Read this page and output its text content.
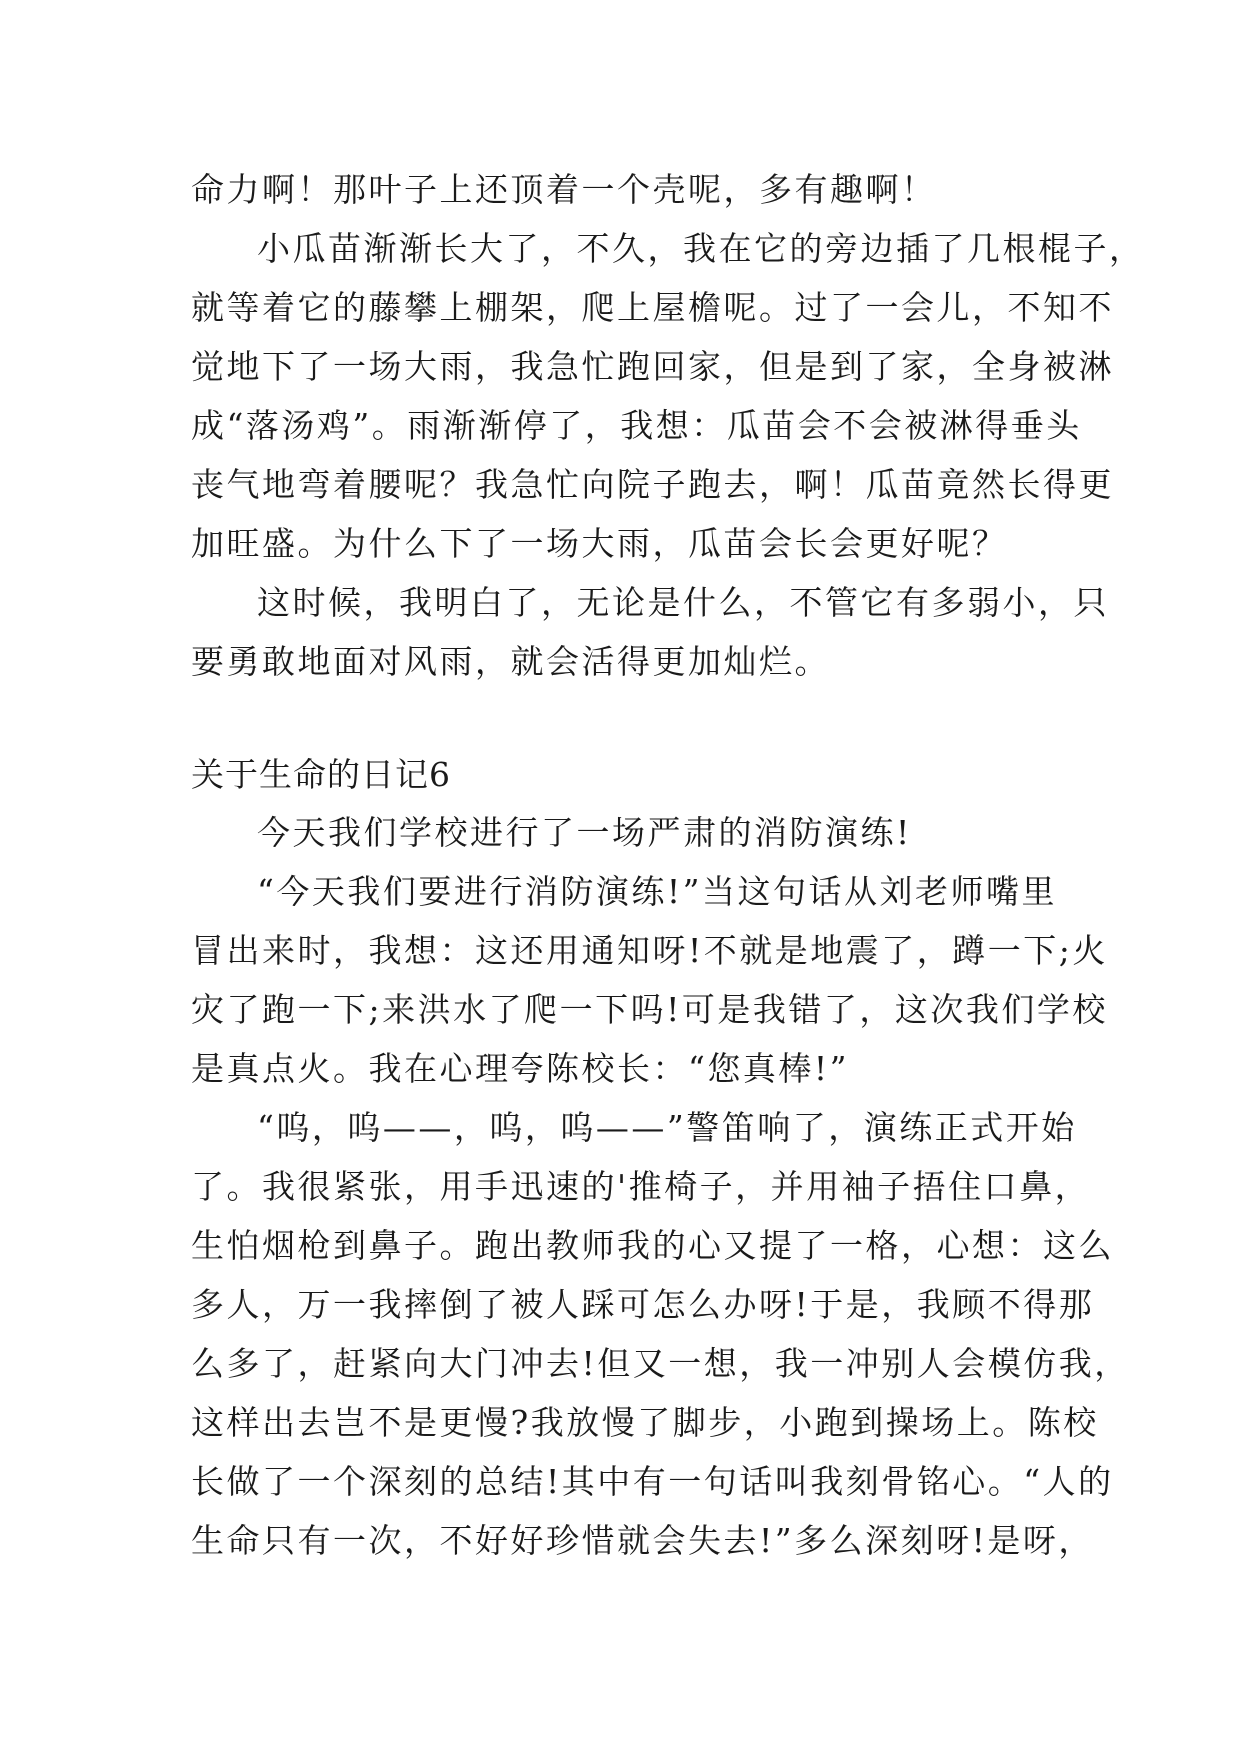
命力啊！那叶子上还顶着一个壳呢，多有趣啊！
小瓜苗渐渐长大了，不久，我在它的旁边插了几根棍子，
就等着它的藤攀上棚架，爬上屋檐呢。过了一会儿，不知不
觉地下了一场大雨，我急忙跑回家，但是到了家，全身被淋
成“落汤鸡”。雨渐渐停了，我想：瓜苗会不会被淋得垂头
丧气地弯着腰呢？我急忙向院子跑去，啊！瓜苗竟然长得更
加旺盛。为什么下了一场大雨，瓜苗会长会更好呢？
这时候，我明白了，无论是什么，不管它有多弱小，只
要勇敢地面对风雨，就会活得更加灿烂。
关于生命的日记6
今天我们学校进行了一场严肃的消防演练!
“今天我们要进行消防演练!”当这句话从刘老师嘴里
冒出来时，我想：这还用通知呀!不就是地震了，蹲一下;火
灾了跑一下;来洪水了爬一下吗!可是我错了，这次我们学校
是真点火。我在心理夸陈校长：“您真棒!”
“呜，呜——，呜，呜——”警笛响了，演练正式开始
了。我很紧张，用手迅速的'推椅子，并用袖子捂住口鼻，
生怕烟枪到鼻子。跑出教师我的心又提了一格，心想：这么
多人，万一我摔倒了被人踩可怎么办呀!于是，我顾不得那
么多了，赶紧向大门冲去!但又一想，我一冲别人会模仿我，
这样出去岂不是更慢?我放慢了脚步，小跑到操场上。陈校
长做了一个深刻的总结!其中有一句话叫我刻骨铭心。“人的
生命只有一次，不好好珍惜就会失去!”多么深刻呀!是呀，
